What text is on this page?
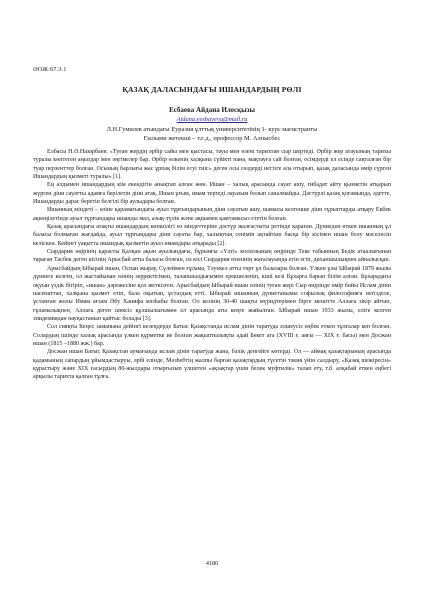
ӘОЖ:67.3.1
ҚАЗАҚ ДАЛАСЫНДАҒЫ ИШАНДАРДЫҢ РӨЛІ
Есбаева Айдана Илесқызы
Aidana.yesbayeva@mail.ru
Л.Н.Гумилев атындағы Еуразия ұлттық университетінің 1- курс магистранты
Ғылыми жетекші – т.ғ.д., профессор М. Алпысбес

Елбасы Н.Ә.Назарбаев: «Туған жердің әрбір сайы мен қыстасы, тауы мен өзені тарихтан сыр шертеді. Әрбір жер атауының тарихы туралы көптеген аңыздар мен әңгімелер бар. Әрбір өлкенің халқына сүйікті пана, мақтауға сай болған, есімдерді ел есінде сақталған бір туар перзенттер болған. Осының барлығы жас ұрпақ білім есуі тиіс» деген осы сөздерді негізге ала отырып, қазақ даласында өмір сүрген Ишандардың қызметі туралы» [1].

Ең алдымен ишандардың кім екендігін анықтап алған жөн. Ишан – халық арасында сауат ашу, ғибадат айту қызметін атқарып жүрген діни сауатты адамға берілетін діни атақ. Ишан ұғым, имам тергеді лауазым болып саналмайды. Дәстүрлі қазақ қоғамында, әдетте, Ишандарды дарас беретін белгілі бір аулыдары болған.

Ишанның міндеті – өзіне қарамағындағы ауыл тұрғындарының діни сауатын ашу, шамасы келгенше діни ғұрыптарды атқару Екбек ақкөңілетінде ауыл тұрғындары ишанды мал, азық-түлік және ақшамен қамтамасыз ететін болған.

Қазақ арасындағы атақты ишандардың көпшілігі өз міндеттеріне дәстүр жалғастыты ретінде қараған. Дүниеден өткен ишанның ұл баласы болмаған жағдайда, ауыл тұрғындары діни сауаты бар, халықтың сенімін ақтайтын басқа бір кісімен ишан болу мәселесін келіскен. Кейінгі уақытта ишандық қызметін ауыл имамдары атқарады [2].

Сырдария өңірінің қарасты Қалқан ақын ауылындағы, бұрынғы «Үлгі» колхозының өңірінде Теке табынның Бедік атаалығынан тараған Тасбек деген кісінің Арысбай атты баласы болған, ол кісі Сырдария өзенінің жағалауында егін егіп, диханшылықпен айналысқан.

Арысбайдың Ыбырай ишан, Оспан жырау, Сүлеймен ғұлама, Тәуекел атты төрт ұл балалары болған. Үлкен ұлы Ыбырай 1879 жылы дүниеге келген, ол жастайынан өзінің зерректігімен, талапшылдығымен ерекшеленіп, кіші кезі Бұхарға барып білім алған. Бұхарадағы оқуын үздік бітіріп, «ишан» дәрежесіне қол жеткізген. Арысбайдың Ыбырай ишан өзінің туған жері Сыр өңірінде өмір бойы Ислам дінін насихаттап, халқына қызмет етіп, бала оқытып, ұстаздық етті. Ыбырай ишанның дүниетанымы софылық философияға негізделе, ұстанған жолы Имам ағзам Әбу Ханифа мәзһабы болған. Ол кезінің 30-40 шақты мүридтерімен бірге мешітте Аллаға зікір айтып, ғұламалықпен, Аллаға деген шексіз құлшылығымен ел арасында аты кеңге жайылған. Ыбырай ишан 1933 жылы, еліге келген эпидемиядан науқастанып қайтыс болады [3].

Сол сияқты Кеңес заманына дейінгі кезеңдерде Батыс Қазақстанда ислам дінін таратуда әлшеусіз еңбек еткен тұлғалар кеп болған. Солардың ішінде халық арасында үлкен құрметке ие болған жақыптылықты адай Бекет ата (XVIII ғ. аяғы — XIX ғ. басы) мен Досжан ишан (1815 –1880 жж.) бар.

Досжан ишан Батыс Қазақстан аумағында ислам дінін таратуда жана, бәлік денгейге көтерді. Ол — аймақ қазақтарының арасында қадамының сапардың ұйымдастыруы, әрбі елінде, Мәзһебтің жалпы барған қазақтардың түсетін тәкия үйін салдыру, «Қазақ шежіресін» құрастыру және XIX ғасырдың 80-жылдары отырғызып үлшетен «ақзақтар үшін белек муфтилік» талап ету, т.б. алқабай еткен еңбегі арқылы тарихта қалған тұлға.

4180
